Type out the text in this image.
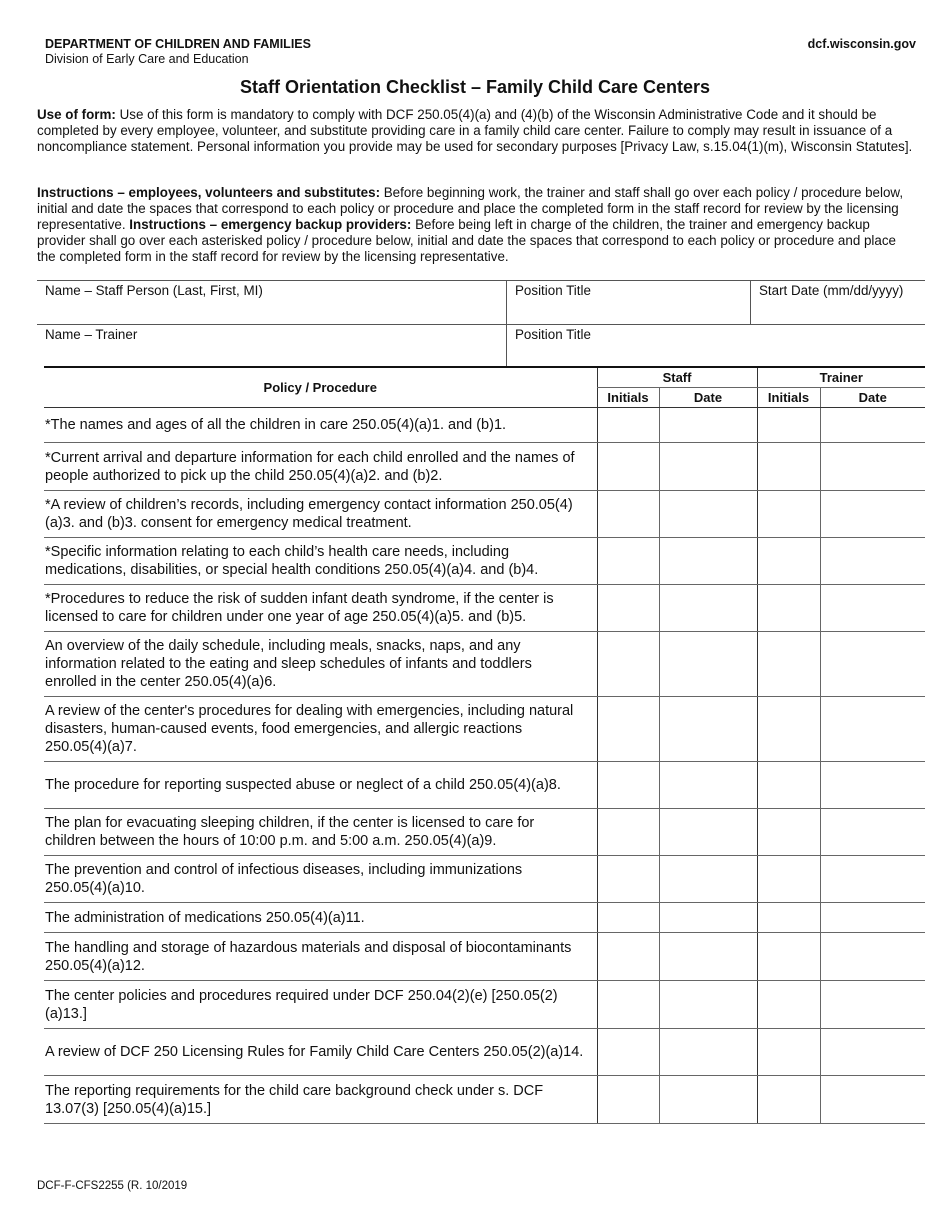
DEPARTMENT OF CHILDREN AND FAMILIES
Division of Early Care and Education
dcf.wisconsin.gov
Staff Orientation Checklist – Family Child Care Centers
Use of form: Use of this form is mandatory to comply with DCF 250.05(4)(a) and (4)(b) of the Wisconsin Administrative Code and it should be completed by every employee, volunteer, and substitute providing care in a family child care center. Failure to comply may result in issuance of a noncompliance statement. Personal information you provide may be used for secondary purposes [Privacy Law, s.15.04(1)(m), Wisconsin Statutes].
Instructions – employees, volunteers and substitutes: Before beginning work, the trainer and staff shall go over each policy / procedure below, initial and date the spaces that correspond to each policy or procedure and place the completed form in the staff record for review by the licensing representative. Instructions – emergency backup providers: Before being left in charge of the children, the trainer and emergency backup provider shall go over each asterisked policy / procedure below, initial and date the spaces that correspond to each policy or procedure and place the completed form in the staff record for review by the licensing representative.
Name – Staff Person (Last, First, MI)	Position Title	Start Date (mm/dd/yyyy)
Name – Trainer	Position Title
Policy / Procedure	Staff		Trainer	
	Initials	Date	Initials	Date
*The names and ages of all the children in care 250.05(4)(a)1. and (b)1.				
*Current arrival and departure information for each child enrolled and the names of people authorized to pick up the child 250.05(4)(a)2. and (b)2.				
*A review of children’s records, including emergency contact information 250.05(4)(a)3. and (b)3. consent for emergency medical treatment.				
*Specific information relating to each child’s health care needs, including medications, disabilities, or special health conditions 250.05(4)(a)4. and (b)4.				
*Procedures to reduce the risk of sudden infant death syndrome, if the center is licensed to care for children under one year of age 250.05(4)(a)5. and (b)5.				
An overview of the daily schedule, including meals, snacks, naps, and any information related to the eating and sleep schedules of infants and toddlers enrolled in the center 250.05(4)(a)6.				
A review of the center's procedures for dealing with emergencies, including natural disasters, human-caused events, food emergencies, and allergic reactions 250.05(4)(a)7.				
The procedure for reporting suspected abuse or neglect of a child 250.05(4)(a)8.				
The plan for evacuating sleeping children, if the center is licensed to care for children between the hours of 10:00 p.m. and 5:00 a.m. 250.05(4)(a)9.				
The prevention and control of infectious diseases, including immunizations 250.05(4)(a)10.				
The administration of medications 250.05(4)(a)11.				
The handling and storage of hazardous materials and disposal of biocontaminants 250.05(4)(a)12.				
The center policies and procedures required under DCF 250.04(2)(e) [250.05(2)(a)13.]				
A review of DCF 250 Licensing Rules for Family Child Care Centers 250.05(2)(a)14.				
The reporting requirements for the child care background check under s. DCF 13.07(3) [250.05(4)(a)15.]				
DCF-F-CFS2255 (R. 10/2019
